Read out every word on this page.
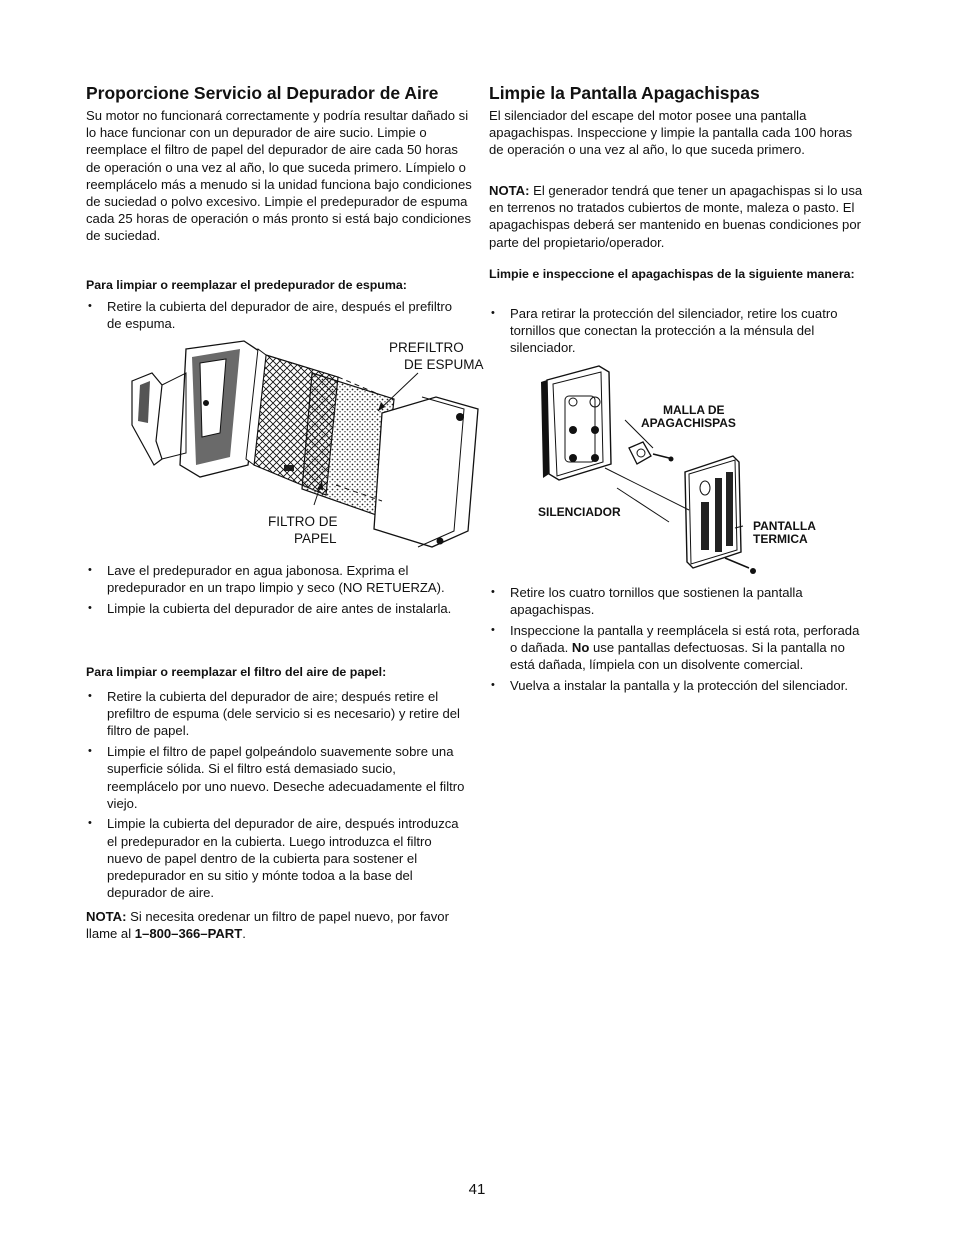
Proporcione Servicio al Depurador de Aire

Su motor no funcionará correctamente y podría resultar dañado si lo hace funcionar con un depurador de aire sucio. Limpie o reemplace el filtro de papel del depurador de aire cada 50 horas de operación o una vez al año, lo que suceda primero. Límpielo o reemplácelo más a menudo si la unidad funciona bajo condiciones de suciedad o polvo excesivo. Limpie el predepurador de espuma cada 25 horas de operación o más pronto si está bajo condiciones de suciedad.

Para limpiar o reemplazar el predepurador de espuma:
• Retire la cubierta del depurador de aire, después el prefiltro de espuma.
PREFILTRO
DE ESPUMA
FILTRO DE
PAPEL
• Lave el predepurador en agua jabonosa. Exprima el predepurador en un trapo limpio y seco (NO RETUERZA).
• Limpie la cubierta del depurador de aire antes de instalarla.
Para limpiar o reemplazar el filtro del aire de papel:
• Retire la cubierta del depurador de aire; después retire el prefiltro de espuma (dele servicio si es necesario) y retire del filtro de papel.
• Limpie el filtro de papel golpeándolo suavemente sobre una superficie sólida. Si el filtro está demasiado sucio, reemplácelo por uno nuevo. Deseche adecuadamente el filtro viejo.
• Limpie la cubierta del depurador de aire, después introduzca el predepurador en la cubierta. Luego introduzca el filtro nuevo de papel dentro de la cubierta para sostener el predepurador en su sitio y mónte todoa a la base del depurador de aire.

NOTA: Si necesita oredenar un filtro de papel nuevo, por favor llame al 1–800–366–PART.

Limpie la Pantalla Apagachispas

El silenciador del escape del motor posee una pantalla apagachispas. Inspeccione y limpie la pantalla cada 100 horas de operación o una vez al año, lo que suceda primero.

NOTA: El generador tendrá que tener un apagachispas si lo usa en terrenos no tratados cubiertos de monte, maleza o pasto. El apagachispas deberá ser mantenido en buenas condiciones por parte del propietario/operador.

Limpie e inspeccione el apagachispas de la siguiente manera:
• Para retirar la protección del silenciador, retire los cuatro tornillos que conectan la protección a la ménsula del silenciador.
MALLA DE
APAGACHISPAS
SILENCIADOR
PANTALLA
TERMICA
• Retire los cuatro tornillos que sostienen la pantalla apagachispas.
• Inspeccione la pantalla y reemplácela si está rota, perforada o dañada. No use pantallas defectuosas. Si la pantalla no está dañada, límpiela con un disolvente comercial.
• Vuelva a instalar la pantalla y la protección del silenciador.
41
